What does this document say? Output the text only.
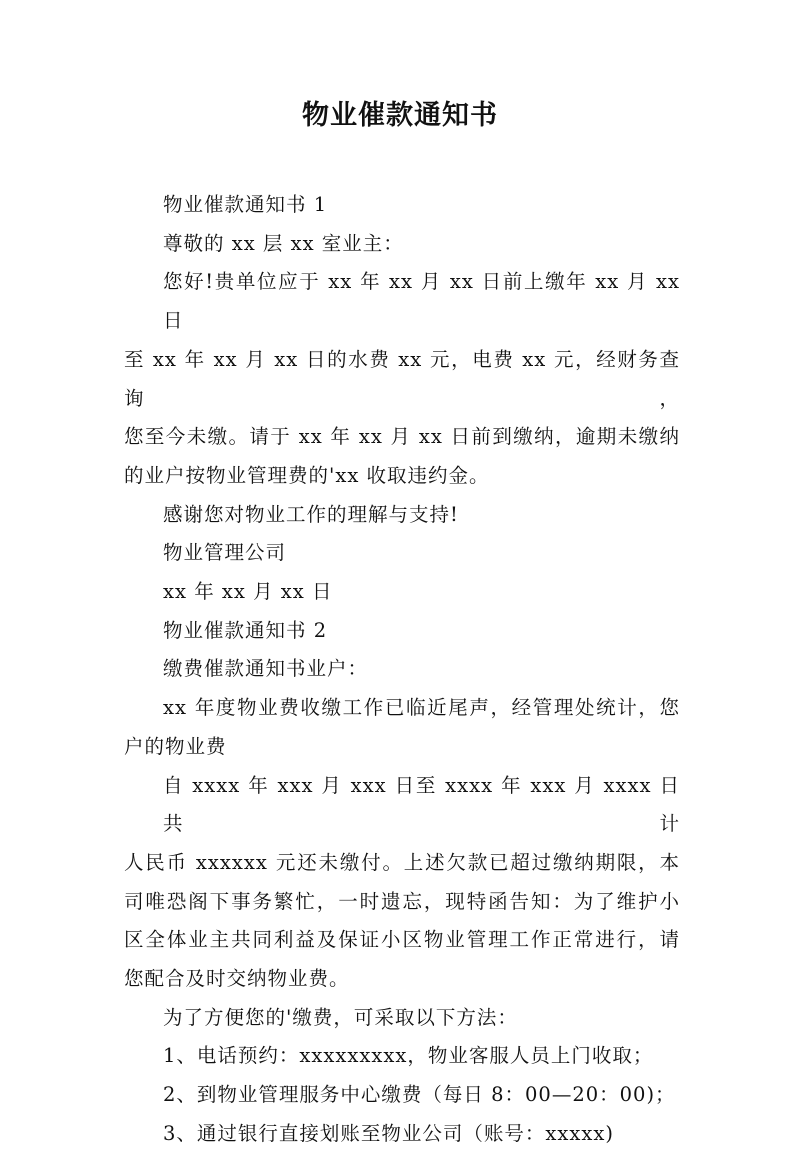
物业催款通知书

物业催款通知书 1

尊敬的 xx 层 xx 室业主：

您好!贵单位应于 xx 年 xx 月 xx 日前上缴年 xx 月 xx 日

至 xx 年 xx 月 xx 日的水费 xx 元，电费 xx 元，经财务查询，

您至今未缴。请于 xx 年 xx 月 xx 日前到缴纳，逾期未缴纳

的业户按物业管理费的'xx 收取违约金。

感谢您对物业工作的理解与支持!

物业管理公司

xx 年 xx 月 xx 日

物业催款通知书 2

缴费催款通知书业户：

xx 年度物业费收缴工作已临近尾声，经管理处统计，您

户的物业费

自 xxxx 年 xxx 月 xxx 日至 xxxx 年 xxx 月 xxxx 日共计

人民币 xxxxxx 元还未缴付。上述欠款已超过缴纳期限，本

司唯恐阁下事务繁忙，一时遗忘，现特函告知：为了维护小

区全体业主共同利益及保证小区物业管理工作正常进行，请

您配合及时交纳物业费。

为了方便您的'缴费，可采取以下方法：

1、电话预约：xxxxxxxxx，物业客服人员上门收取；

2、到物业管理服务中心缴费（每日 8：00—20：00)；

3、通过银行直接划账至物业公司（账号：xxxxx)
